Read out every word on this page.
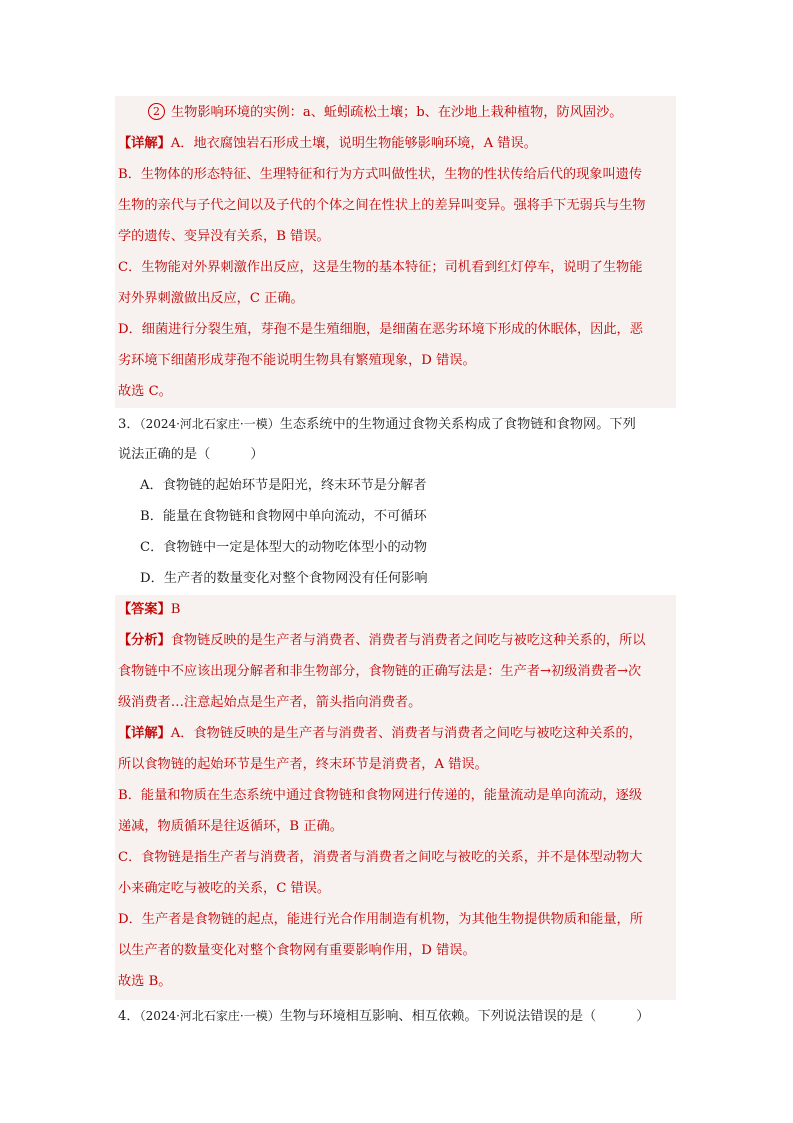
2 生物影响环境的实例：a、蚯蚓疏松土壤；b、在沙地上栽种植物，防风固沙。
【详解】A．地衣腐蚀岩石形成土壤，说明生物能够影响环境，A 错误。
B．生物体的形态特征、生理特征和行为方式叫做性状，生物的性状传给后代的现象叫遗传
生物的亲代与子代之间以及子代的个体之间在性状上的差异叫变异。强将手下无弱兵与生物
学的遗传、变异没有关系，B 错误。
C．生物能对外界刺激作出反应，这是生物的基本特征；司机看到红灯停车，说明了生物能
对外界刺激做出反应，C 正确。
D．细菌进行分裂生殖，芽孢不是生殖细胞，是细菌在恶劣环境下形成的休眠体，因此，恶
劣环境下细菌形成芽孢不能说明生物具有繁殖现象，D 错误。
故选 C。
3．（2024·河北石家庄·一模）生态系统中的生物通过食物关系构成了食物链和食物网。下列
说法正确的是（	）
A．食物链的起始环节是阳光，终末环节是分解者
B．能量在食物链和食物网中单向流动，不可循环
C．食物链中一定是体型大的动物吃体型小的动物
D．生产者的数量变化对整个食物网没有任何影响
【答案】B
【分析】食物链反映的是生产者与消费者、消费者与消费者之间吃与被吃这种关系的，所以
食物链中不应该出现分解者和非生物部分，食物链的正确写法是：生产者→初级消费者→次
级消费者…注意起始点是生产者，箭头指向消费者。
【详解】A．食物链反映的是生产者与消费者、消费者与消费者之间吃与被吃这种关系的，
所以食物链的起始环节是生产者，终末环节是消费者，A 错误。
B．能量和物质在生态系统中通过食物链和食物网进行传递的，能量流动是单向流动，逐级
递减，物质循环是往返循环，B 正确。
C．食物链是指生产者与消费者，消费者与消费者之间吃与被吃的关系，并不是体型动物大
小来确定吃与被吃的关系，C 错误。
D．生产者是食物链的起点，能进行光合作用制造有机物，为其他生物提供物质和能量，所
以生产者的数量变化对整个食物网有重要影响作用，D 错误。
故选 B。
4．（2024·河北石家庄·一模）生物与环境相互影响、相互依赖。下列说法错误的是（	）
